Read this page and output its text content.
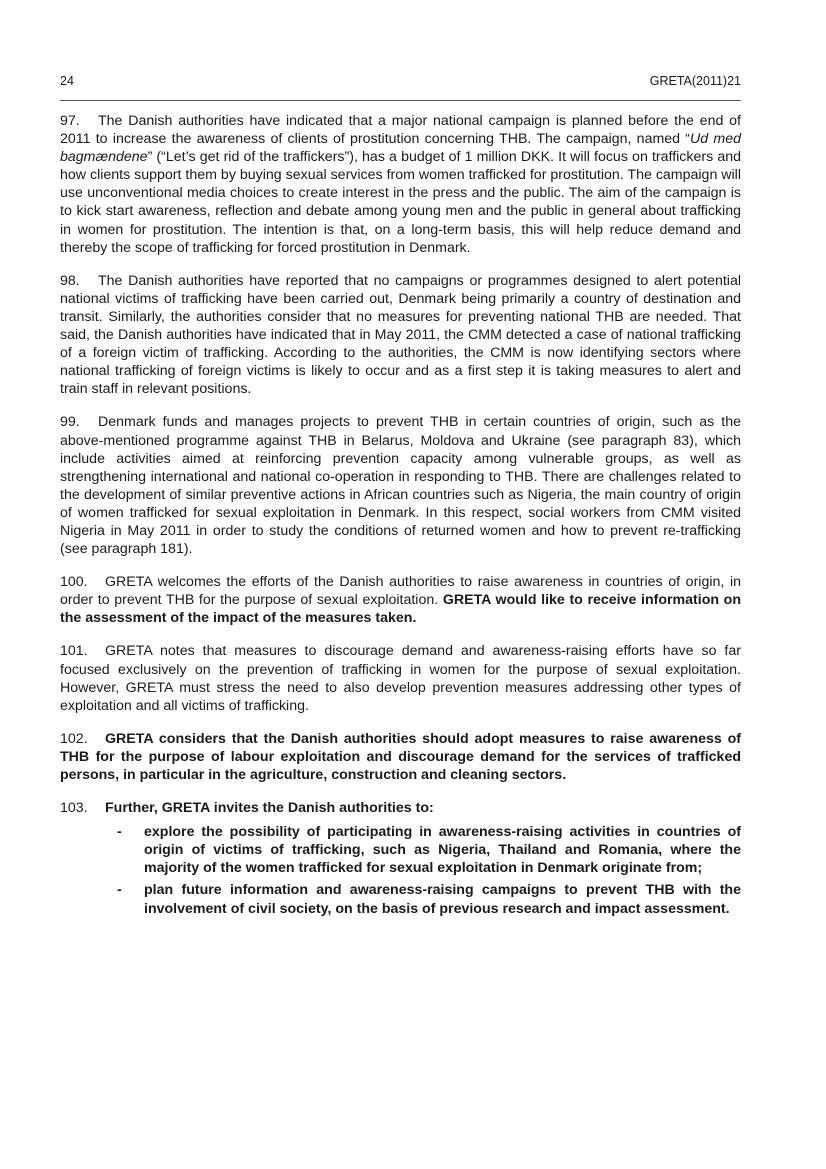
24	GRETA(2011)21

97. The Danish authorities have indicated that a major national campaign is planned before the end of 2011 to increase the awareness of clients of prostitution concerning THB. The campaign, named “Ud med bagmændene” (“Let’s get rid of the traffickers”), has a budget of 1 million DKK. It will focus on traffickers and how clients support them by buying sexual services from women trafficked for prostitution. The campaign will use unconventional media choices to create interest in the press and the public. The aim of the campaign is to kick start awareness, reflection and debate among young men and the public in general about trafficking in women for prostitution. The intention is that, on a long-term basis, this will help reduce demand and thereby the scope of trafficking for forced prostitution in Denmark.

98. The Danish authorities have reported that no campaigns or programmes designed to alert potential national victims of trafficking have been carried out, Denmark being primarily a country of destination and transit. Similarly, the authorities consider that no measures for preventing national THB are needed. That said, the Danish authorities have indicated that in May 2011, the CMM detected a case of national trafficking of a foreign victim of trafficking. According to the authorities, the CMM is now identifying sectors where national trafficking of foreign victims is likely to occur and as a first step it is taking measures to alert and train staff in relevant positions.

99. Denmark funds and manages projects to prevent THB in certain countries of origin, such as the above-mentioned programme against THB in Belarus, Moldova and Ukraine (see paragraph 83), which include activities aimed at reinforcing prevention capacity among vulnerable groups, as well as strengthening international and national co-operation in responding to THB. There are challenges related to the development of similar preventive actions in African countries such as Nigeria, the main country of origin of women trafficked for sexual exploitation in Denmark. In this respect, social workers from CMM visited Nigeria in May 2011 in order to study the conditions of returned women and how to prevent re-trafficking (see paragraph 181).

100. GRETA welcomes the efforts of the Danish authorities to raise awareness in countries of origin, in order to prevent THB for the purpose of sexual exploitation. GRETA would like to receive information on the assessment of the impact of the measures taken.

101. GRETA notes that measures to discourage demand and awareness-raising efforts have so far focused exclusively on the prevention of trafficking in women for the purpose of sexual exploitation. However, GRETA must stress the need to also develop prevention measures addressing other types of exploitation and all victims of trafficking.

102. GRETA considers that the Danish authorities should adopt measures to raise awareness of THB for the purpose of labour exploitation and discourage demand for the services of trafficked persons, in particular in the agriculture, construction and cleaning sectors.

103. Further, GRETA invites the Danish authorities to:

- explore the possibility of participating in awareness-raising activities in countries of origin of victims of trafficking, such as Nigeria, Thailand and Romania, where the majority of the women trafficked for sexual exploitation in Denmark originate from;
- plan future information and awareness-raising campaigns to prevent THB with the involvement of civil society, on the basis of previous research and impact assessment.
